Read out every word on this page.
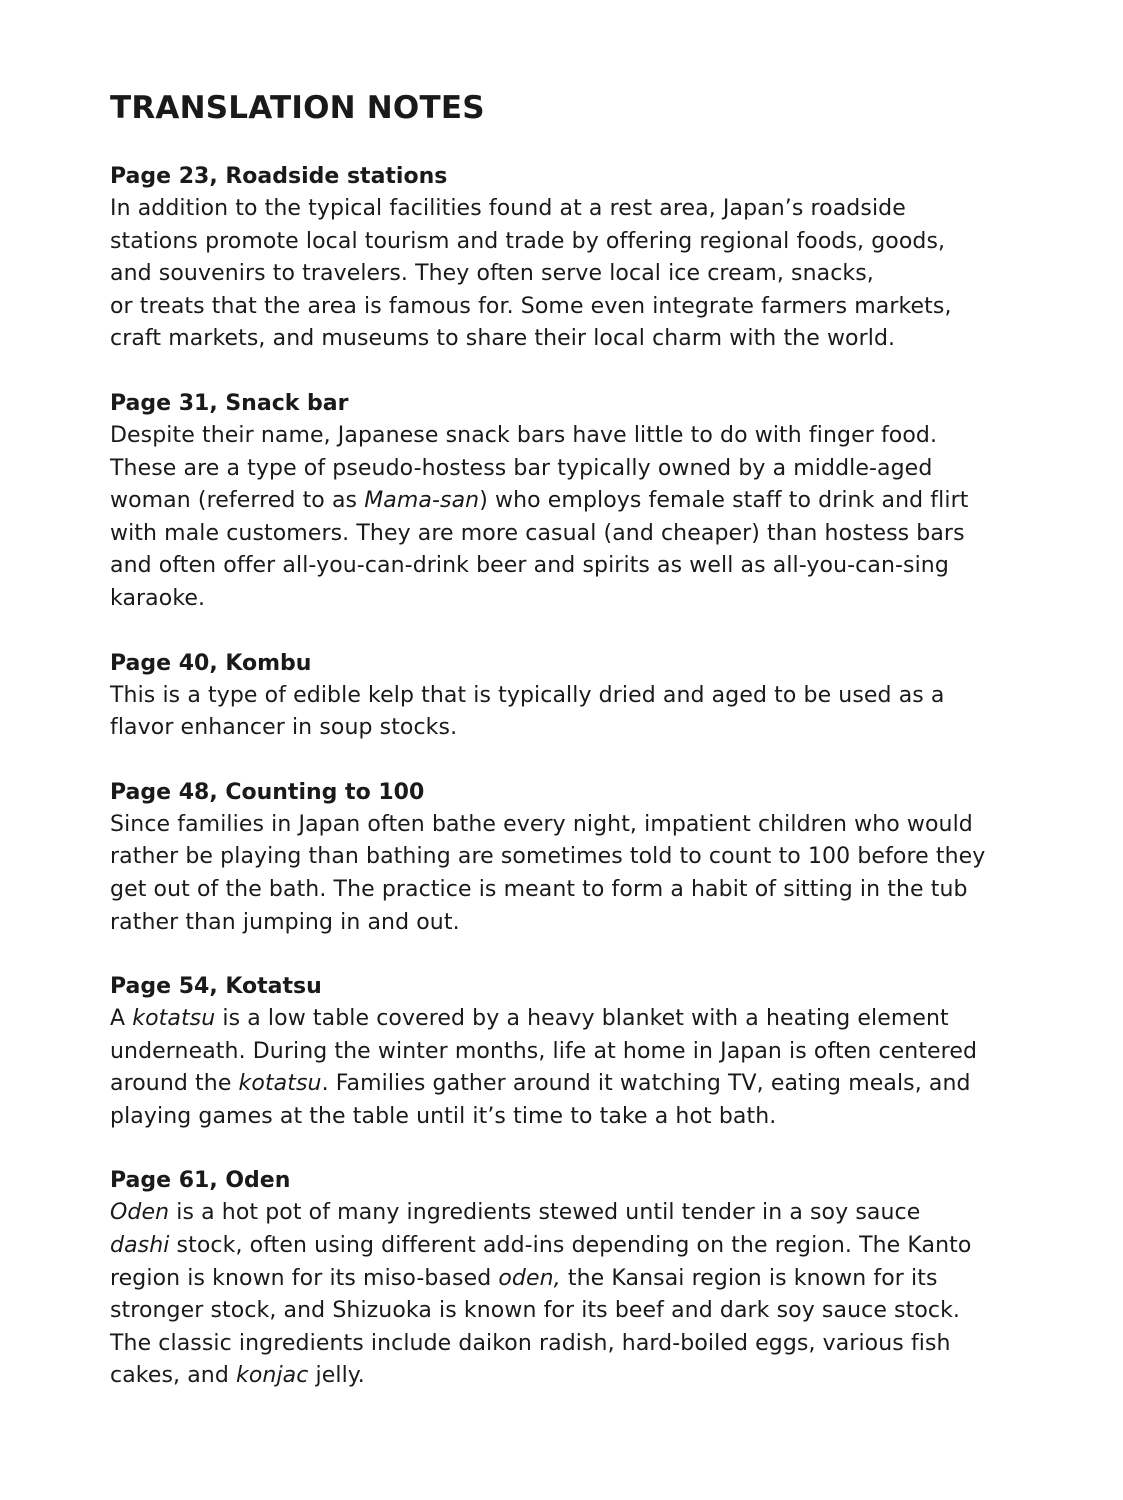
TRANSLATION NOTES
Page 23, Roadside stations
In addition to the typical facilities found at a rest area, Japan’s roadside
stations promote local tourism and trade by offering regional foods, goods,
and souvenirs to travelers. They often serve local ice cream, snacks,
or treats that the area is famous for. Some even integrate farmers markets,
craft markets, and museums to share their local charm with the world.
Page 31, Snack bar
Despite their name, Japanese snack bars have little to do with finger food.
These are a type of pseudo-hostess bar typically owned by a middle-aged
woman (referred to as Mama-san) who employs female staff to drink and flirt
with male customers. They are more casual (and cheaper) than hostess bars
and often offer all-you-can-drink beer and spirits as well as all-you-can-sing
karaoke.
Page 40, Kombu
This is a type of edible kelp that is typically dried and aged to be used as a
flavor enhancer in soup stocks.
Page 48, Counting to 100
Since families in Japan often bathe every night, impatient children who would
rather be playing than bathing are sometimes told to count to 100 before they
get out of the bath. The practice is meant to form a habit of sitting in the tub
rather than jumping in and out.
Page 54, Kotatsu
A kotatsu is a low table covered by a heavy blanket with a heating element
underneath. During the winter months, life at home in Japan is often centered
around the kotatsu. Families gather around it watching TV, eating meals, and
playing games at the table until it’s time to take a hot bath.
Page 61, Oden
Oden is a hot pot of many ingredients stewed until tender in a soy sauce
dashi stock, often using different add-ins depending on the region. The Kanto
region is known for its miso-based oden, the Kansai region is known for its
stronger stock, and Shizuoka is known for its beef and dark soy sauce stock.
The classic ingredients include daikon radish, hard-boiled eggs, various fish
cakes, and konjac jelly.
